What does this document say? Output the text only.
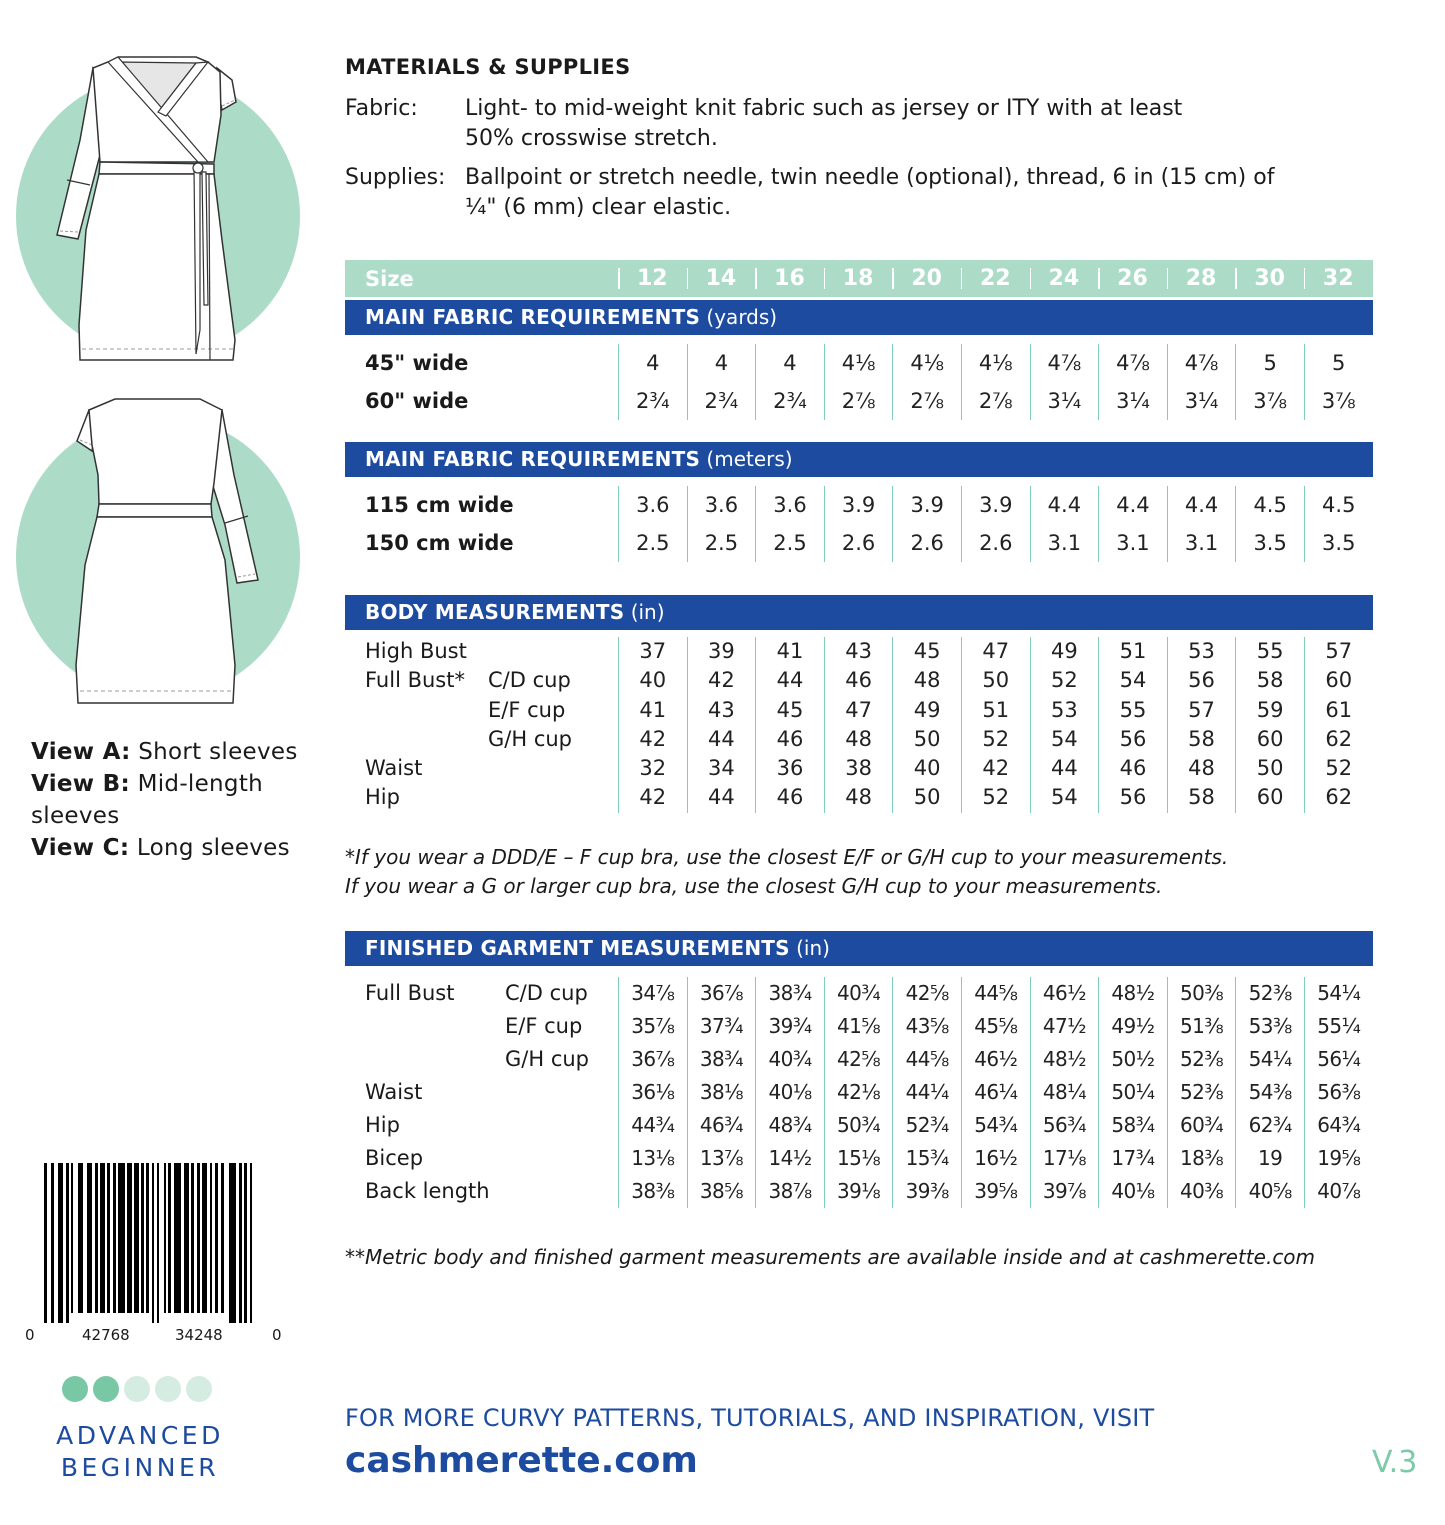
View A: Short sleeves
View B: Mid-length sleeves
View C: Long sleeves
0	42768	34248	0
ADVANCED
BEGINNER
MATERIALS & SUPPLIES
Fabric:	Light- to mid-weight knit fabric such as jersey or ITY with at least
50% crosswise stretch.
Supplies: Ballpoint or stretch needle, twin needle (optional), thread, 6 in (15 cm) of
¼" (6 mm) clear elastic.
Size	12	14	16	18	20	22	24	26	28	30	32
MAIN FABRIC REQUIREMENTS (yards)
45" wide	4	4	4	4⅛	4⅛	4⅛	4⅞	4⅞	4⅞	5	5
60" wide	2¾	2¾	2¾	2⅞	2⅞	2⅞	3¼	3¼	3¼	3⅞	3⅞
MAIN FABRIC REQUIREMENTS (meters)
115 cm wide	3.6	3.6	3.6	3.9	3.9	3.9	4.4	4.4	4.4	4.5	4.5
150 cm wide	2.5	2.5	2.5	2.6	2.6	2.6	3.1	3.1	3.1	3.5	3.5
BODY MEASUREMENTS (in)
High Bust	37	39	41	43	45	47	49	51	53	55	57
Full Bust* C/D cup	40	42	44	46	48	50	52	54	56	58	60
E/F cup	41	43	45	47	49	51	53	55	57	59	61
G/H cup	42	44	46	48	50	52	54	56	58	60	62
Waist	32	34	36	38	40	42	44	46	48	50	52
Hip	42	44	46	48	50	52	54	56	58	60	62
*If you wear a DDD/E – F cup bra, use the closest E/F or G/H cup to your measurements.
If you wear a G or larger cup bra, use the closest G/H cup to your measurements.
FINISHED GARMENT MEASUREMENTS (in)
Full Bust C/D cup	34⅞	36⅞	38¾	40¾	42⅝	44⅝	46½	48½	50⅜	52⅜	54¼
E/F cup	35⅞	37¾	39¾	41⅝	43⅝	45⅝	47½	49½	51⅜	53⅜	55¼
G/H cup	36⅞	38¾	40¾	42⅝	44⅝	46½	48½	50½	52⅜	54¼	56¼
Waist	36⅛	38⅛	40⅛	42⅛	44¼	46¼	48¼	50¼	52⅜	54⅜	56⅜
Hip	44¾	46¾	48¾	50¾	52¾	54¾	56¾	58¾	60¾	62¾	64¾
Bicep	13⅛	13⅞	14½	15⅛	15¾	16½	17⅛	17¾	18⅜	19	19⅝
Back length	38⅜	38⅝	38⅞	39⅛	39⅜	39⅝	39⅞	40⅛	40⅜	40⅝	40⅞
**Metric body and finished garment measurements are available inside and at cashmerette.com
FOR MORE CURVY PATTERNS, TUTORIALS, AND INSPIRATION, VISIT
cashmerette.com	V.3
